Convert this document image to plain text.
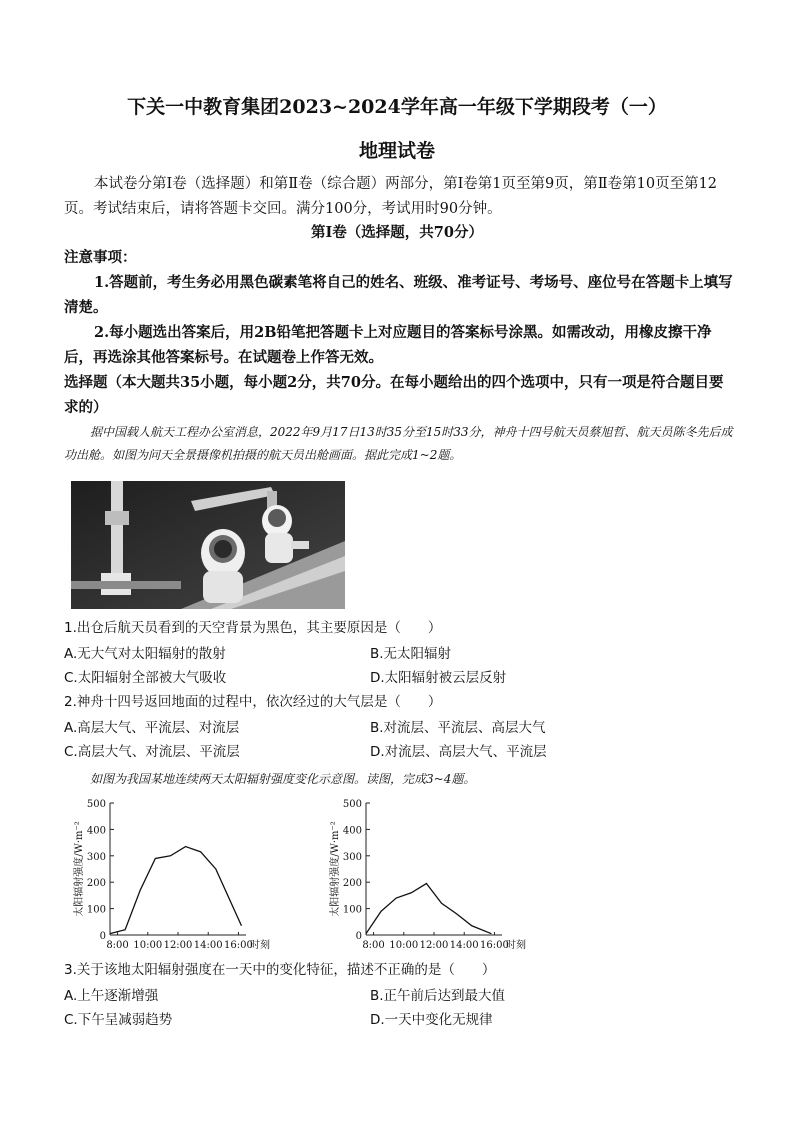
下关一中教育集团2023~2024学年高一年级下学期段考（一）
地理试卷
本试卷分第Ⅰ卷（选择题）和第Ⅱ卷（综合题）两部分，第Ⅰ卷第1页至第9页，第Ⅱ卷第10页至第12页。考试结束后，请将答题卡交回。满分100分，考试用时90分钟。
第Ⅰ卷（选择题，共70分）
注意事项：
1.答题前，考生务必用黑色碳素笔将自己的姓名、班级、准考证号、考场号、座位号在答题卡上填写清楚。
2.每小题选出答案后，用2B铅笔把答题卡上对应题目的答案标号涂黑。如需改动，用橡皮擦干净后，再选涂其他答案标号。在试题卷上作答无效。
选择题（本大题共35小题，每小题2分，共70分。在每小题给出的四个选项中，只有一项是符合题目要求的）
据中国载人航天工程办公室消息，2022年9月17日13时35分至15时33分，神舟十四号航天员蔡旭哲、航天员陈冬先后成功出舱。如图为问天全景摄像机拍摄的航天员出舱画面。据此完成1~2题。
1.出仓后航天员看到的天空背景为黑色，其主要原因是（　　）
A.无大气对太阳辐射的散射	B.无太阳辐射
C.太阳辐射全部被大气吸收	D.太阳辐射被云层反射
2.神舟十四号返回地面的过程中，依次经过的大气层是（　　）
A.高层大气、平流层、对流层	B.对流层、平流层、高层大气
C.高层大气、对流层、平流层	D.对流层、高层大气、平流层
如图为我国某地连续两天太阳辐射强度变化示意图。读图，完成3~4题。
0
100
200
300
400
500
8:00 10:00 12:00 14:00 16:00
时刻
太阳辐射强度/W·m⁻²
0
100
200
300
400
500
8:00 10:00 12:00 14:00 16:00
时刻
太阳辐射强度/W·m⁻²
3.关于该地太阳辐射强度在一天中的变化特征，描述不正确的是（　　）
A.上午逐渐增强	B.正午前后达到最大值
C.下午呈减弱趋势	D.一天中变化无规律
